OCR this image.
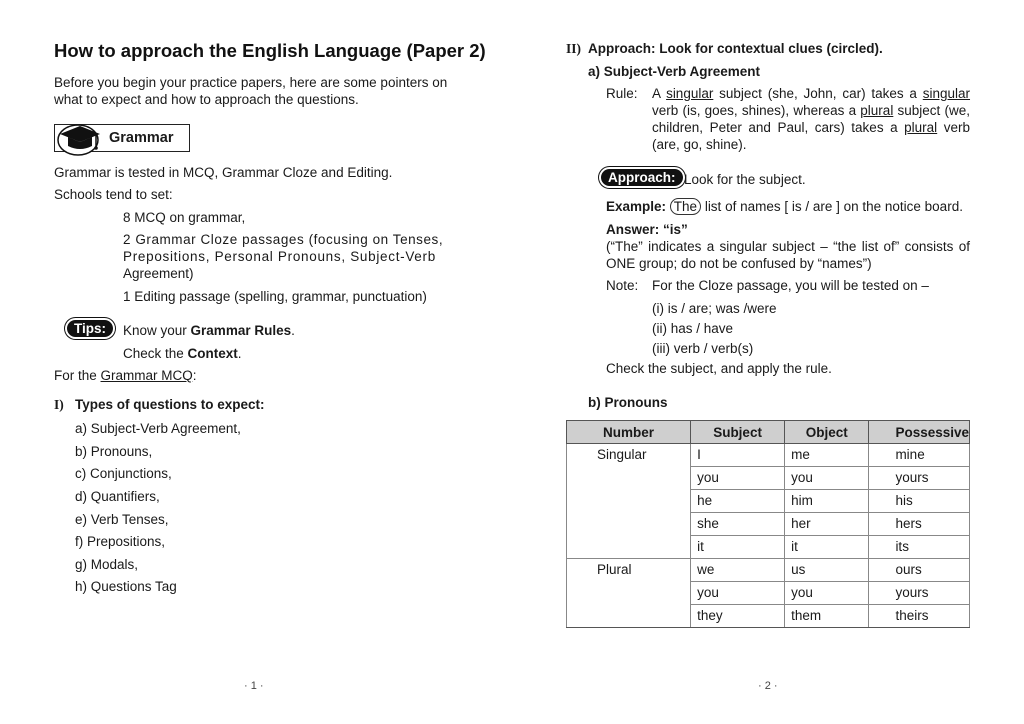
How to approach the English Language (Paper 2)
Before you begin your practice papers, here are some pointers on
what to expect and how to approach the questions.
Grammar
Grammar is tested in MCQ, Grammar Cloze and Editing.
Schools tend to set:
8 MCQ on grammar,
2 Grammar Cloze passages (focusing on Tenses,
Prepositions, Personal Pronouns, Subject-Verb
Agreement)
1 Editing passage (spelling, grammar, punctuation)
Tips:	Know your Grammar Rules.
Check the Context.
For the Grammar MCQ:
I) Types of questions to expect:
a) Subject-Verb Agreement,
b) Pronouns,
c) Conjunctions,
d) Quantifiers,
e) Verb Tenses,
f) Prepositions,
g) Modals,
h) Questions Tag
· 1 ·
II) Approach: Look for contextual clues (circled).
a) Subject-Verb Agreement
Rule: A singular subject (she, John, car) takes a singular verb (is, goes, shines), whereas a plural subject (we, children, Peter and Paul, cars) takes a plural verb (are, go, shine).
Approach: Look for the subject.
Example: The list of names [ is / are ] on the notice board.
Answer: “is”
(“The” indicates a singular subject – “the list of” consists of ONE group; do not be confused by “names”)
Note: For the Cloze passage, you will be tested on –
(i) is / are; was /were
(ii) has / have
(iii) verb / verb(s)
Check the subject, and apply the rule.
b) Pronouns
Number	Subject	Object	Possessive
Singular	I	me	mine
	you	you	yours
	he	him	his
	she	her	hers
	it	it	its
Plural	we	us	ours
	you	you	yours
	they	them	theirs
· 2 ·
